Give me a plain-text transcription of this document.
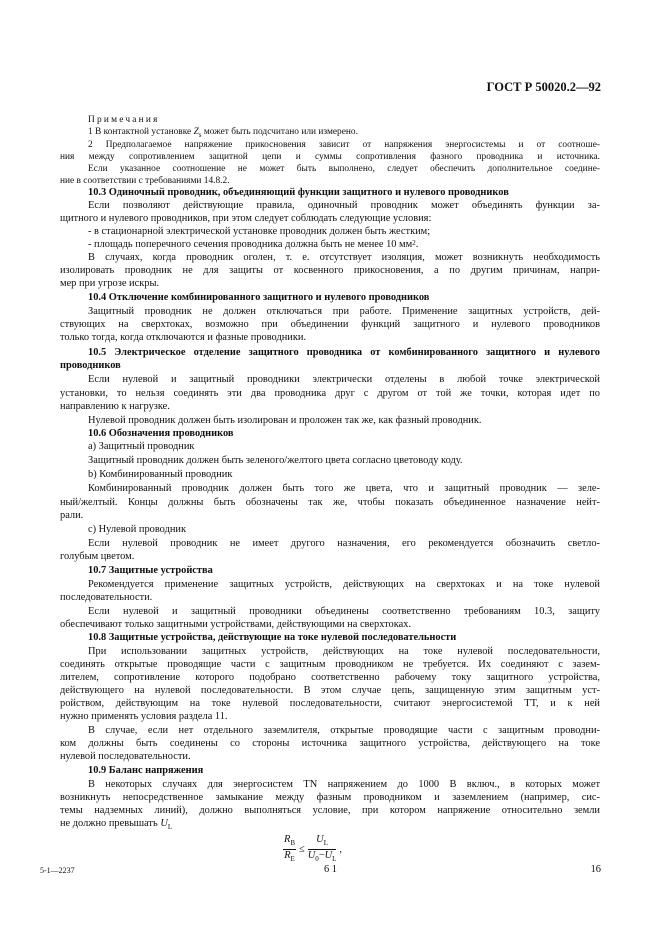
ГОСТ Р 50020.2—92
Примечания
1 В контактной установке $Z_s$ может быть подсчитано или измерено.
2 Предполагаемое напряжение прикосновения зависит от напряжения энергосистемы и от соотноше-
ния между сопротивлением защитной цепи и суммы сопротивления фазного проводника и источника.
Если указанное соотношение не может быть выполнено, следует обеспечить дополнительное соедине-
ние в соответствии с требованиями 14.8.2.
10.3 Одиночный проводник, объединяющий функции защитного и нулевого проводников
Если позволяют действующие правила, одиночный проводник может объединять функции за-
щитного и нулевого проводников, при этом следует соблюдать следующие условия:
- в стационарной электрической установке проводник должен быть жестким;
- площадь поперечного сечения проводника должна быть не менее 10 $мм^2$.
В случаях, когда проводник оголен, т. е. отсутствует изоляция, может возникнуть необходимость
изолировать проводник не для защиты от косвенного прикосновения, а по другим причинам, напри-
мер при угрозе искры.
10.4 Отключение комбинированного защитного и нулевого проводников
Защитный проводник не должен отключаться при работе. Применение защитных устройств, дей-
ствующих на сверхтоках, возможно при объединении функций защитного и нулевого проводников
только тогда, когда отключаются и фазные проводники.
10.5 Электрическое отделение защитного проводника от комбинированного защитного и нулевого
проводников
Если нулевой и защитный проводники электрически отделены в любой точке электрической
установки, то нельзя соединять эти два проводника друг с другом от той же точки, которая идет по
направлению к нагрузке.
Нулевой проводник должен быть изолирован и проложен так же, как фазный проводник.
10.6 Обозначения проводников
a) Защитный проводник
Защитный проводник должен быть зеленого/желтого цвета согласно цветоводу коду.
b) Комбинированный проводник
Комбинированный проводник должен быть того же цвета, что и защитный проводник — зеле-
ный/желтый. Концы должны быть обозначены так же, чтобы показать объединенное назначение нейт-
рали.
c) Нулевой проводник
Если нулевой проводник не имеет другого назначения, его рекомендуется обозначить светло-
голубым цветом.
10.7 Защитные устройства
Рекомендуется применение защитных устройств, действующих на сверхтоках и на токе нулевой
последовательности.
Если нулевой и защитный проводники объединены соответственно требованиям 10.3, защиту
обеспечивают только защитными устройствами, действующими на сверхтоках.
10.8 Защитные устройства, действующие на токе нулевой последовательности
При использовании защитных устройств, действующих на токе нулевой последовательности,
соединять открытые проводящие части с защитным проводником не требуется. Их соединяют с зазем-
лителем, сопротивление которого подобрано соответственно рабочему току защитного устройства,
действующего на нулевой последовательности. В этом случае цепь, защищенную этим защитным уст-
ройством, действующим на токе нулевой последовательности, считают энергосистемой ТТ, и к ней
нужно применять условия раздела 11.
В случае, если нет отдельного заземлителя, открытые проводящие части с защитным проводни-
ком должны быть соединены со стороны источника защитного устройства, действующего на токе
нулевой последовательности.
10.9 Баланс напряжения
В некоторых случаях для энергосистем TN напряжением до 1000 В включ., в которых может
возникнуть непосредственное замыкание между фазным проводником и заземлением (например, сис-
темы надземных линий), должно выполняться условие, при котором напряжение относительно земли
не должно превышать $U_L$
$\frac{R_B}{R_E} \le \frac{U_L}{U_0-U_L}$ ,
5-1—2237	6 1	16
